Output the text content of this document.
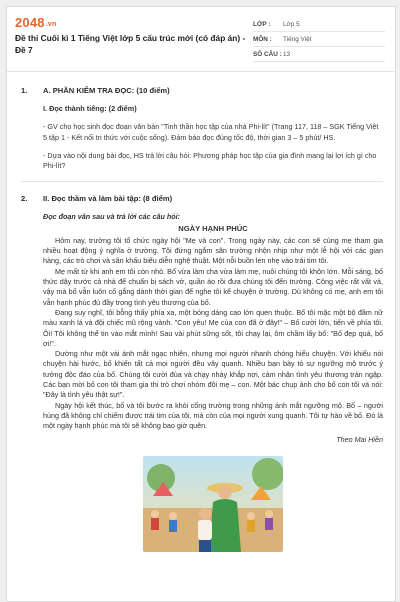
2048.vn
Đề thi Cuối kì 1 Tiếng Việt lớp 5 cấu trúc mới (có đáp án) - Đề 7
LỚP :	Lớp 5
MÔN :	Tiếng Việt
SỐ CÂU : 13
1.	A. PHẦN KIỂM TRA ĐỌC: (10 điểm)
I. Đọc thành tiếng: (2 điểm)

- GV cho học sinh đọc đoạn văn bản "Tinh thần học tập của nhà Phi-lít" (Trang 117, 118 – SGK Tiếng Việt 5 tập 1 - Kết nối tri thức với cuộc sống). Đảm bảo đọc đúng tốc độ, thời gian 3 – 5 phút/ HS.

- Dựa vào nội dung bài đọc, HS trả lời câu hỏi: Phương pháp học tập của gia đình mang lại lợi ích gì cho Phi-lít?

2.	II. Đọc thầm và làm bài tập: (8 điểm)
Đọc đoạn văn sau và trả lời các câu hỏi:
NGÀY HẠNH PHÚC

Hôm nay, trường tôi tổ chức ngày hội "Mẹ và con". Trong ngày này, các con sẽ cùng mẹ tham gia nhiều hoạt động ý nghĩa ở trường. Tôi đứng ngắm sân trường nhộn nhịp như một lễ hội với các gian hàng, các trò chơi và sân khấu biểu diễn nghệ thuật. Một nỗi buồn len nhẹ vào trái tim tôi.

Mẹ mất từ khi anh em tôi còn nhỏ. Bố vừa làm cha vừa làm mẹ, nuôi chúng tôi khôn lớn. Mỗi sáng, bố thức dậy trước cả nhà để chuẩn bị sách vở, quần áo rồi đưa chúng tôi đến trường. Công việc rất vất vả, vậy mà bố vẫn luôn cố gắng dành thời gian để nghe tôi kể chuyện ở trường. Dù không có mẹ, anh em tôi vẫn hạnh phúc đủ đầy trong tình yêu thương của bố.

Đang suy nghĩ, tôi bỗng thấy phía xa, một bóng dáng cao lớn quen thuộc. Bố tôi mặc một bộ đầm nữ màu xanh lá và đội chiếc mũ rộng vành. "Con yêu! Mẹ của con đã ở đây!" – Bố cười lớn, tiến về phía tôi. Ôi! Tôi không thể tin vào mắt mình! Sau vài phút sững sốt, tôi chạy lại, ôm chầm lấy bố: "Bố đẹp quá, bố ơi!".

Dường như một vài ánh mắt ngạc nhiên, nhưng mọi người nhanh chóng hiểu chuyện. Với khiếu nói chuyện hài hước, bố khiến tất cả mọi người đều vây quanh. Nhiều bạn bày tỏ sự ngưỡng mộ trước ý tưởng độc đáo của bố. Chúng tôi cười đùa và chạy nhảy khắp nơi, cảm nhận tình yêu thương tràn ngập. Các bạn mời bố con tôi tham gia thi trò chơi nhóm đôi mẹ – con. Một bác chụp ảnh cho bố con tôi và nói: "Đây là tình yêu thật sự!".

Ngày hội kết thúc, bố và tôi bước ra khỏi cổng trường trong những ánh mắt ngưỡng mộ. Bố – người hùng đã không chỉ chiếm được trái tim của tôi, mà còn của mọi người xung quanh. Tôi tự hào về bố. Đó là một ngày hạnh phúc mà tôi sẽ không bao giờ quên.

Theo Mai Hiền
